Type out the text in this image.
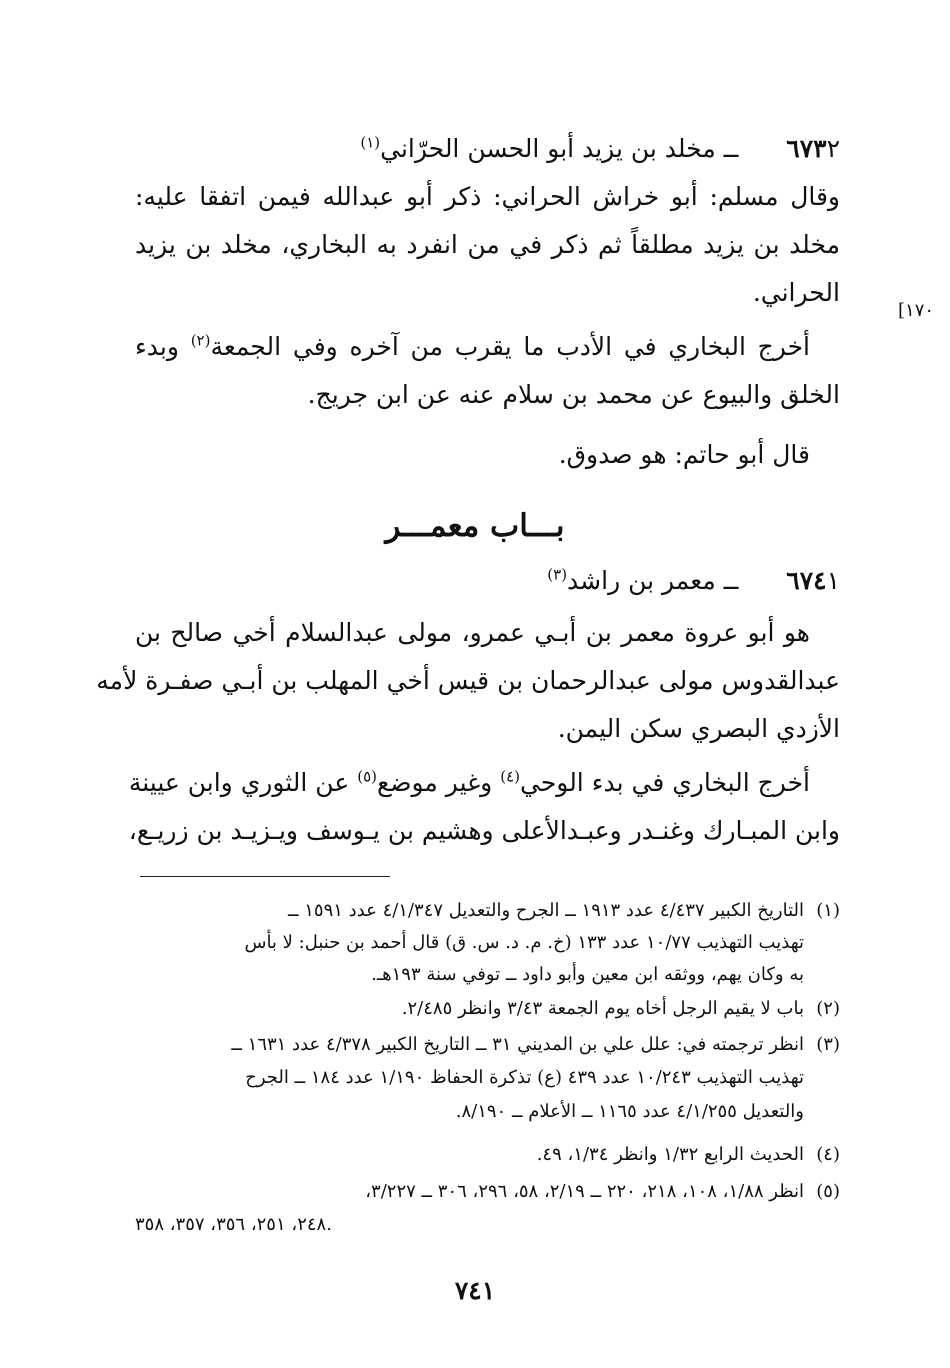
[١٧٠
٦٧٣٢ ــ مخلد بن يزيد أبو الحسن الحرّاني$^{(١)}$
وقال مسلم: أبو خراش الحراني: ذكر أبو عبدالله فيمن اتفقا عليه:
مخلد بن يزيد مطلقاً ثم ذكر في من انفرد به البخاري، مخلد بن يزيد
الحراني.
أخرج البخاري في الأدب ما يقرب من آخره وفي الجمعة$^{(٢)}$ وبدء
الخلق والبيوع عن محمد بن سلام عنه عن ابن جريج.
قال أبو حاتم: هو صدوق.
بـــاب معمـــر
٦٧٤١ ــ معمر بن راشد$^{(٣)}$
هو أبو عروة معمر بن أبـي عمرو، مولى عبدالسلام أخي صالح بن
عبدالقدوس مولى عبدالرحمان بن قيس أخي المهلب بن أبـي صفـرة لأمه
الأزدي البصري سكن اليمن.
أخرج البخاري في بدء الوحي$^{(٤)}$ وغير موضع$^{(٥)}$ عن الثوري وابن عيينة
وابن المبـارك وغنـدر وعبـدالأعلى وهشيم بن يـوسف ويـزيـد بن زريـع،
(١)التاريخ الكبير ٤/٤٣٧ عدد ١٩١٣ ــ الجرح والتعديل ٤/١/٣٤٧ عدد ١٥٩١ ــ
تهذيب التهذيب ١٠/٧٧ عدد ١٣٣ (خ. م. د. س. ق) قال أحمد بن حنبل: لا بأس
به وكان يهم، ووثقه ابن معين وأبو داود ــ توفي سنة ١٩٣هـ.
(٢)باب لا يقيم الرجل أخاه يوم الجمعة ٣/٤٣ وانظر ٢/٤٨٥.
(٣)انظر ترجمته في: علل علي بن المديني ٣١ ــ التاريخ الكبير ٤/٣٧٨ عدد ١٦٣١ ــ
تهذيب التهذيب ١٠/٢٤٣ عدد ٤٣٩ (ع) تذكرة الحفاظ ١/١٩٠ عدد ١٨٤ ــ الجرح
والتعديل ٤/١/٢٥٥ عدد ١١٦٥ ــ الأعلام ــ ٨/١٩٠.
(٤)الحديث الرابع ١/٣٢ وانظر ١/٣٤، ٤٩.
(٥)انظر ١/٨٨، ١٠٨، ٢١٨، ٢٢٠ ــ ٢/١٩، ٥٨، ٢٩٦، ٣٠٦ ــ ٣/٢٢٧،
٢٤٨، ٢٥١، ٣٥٦، ٣٥٧، ٣٥٨.
٧٤١
